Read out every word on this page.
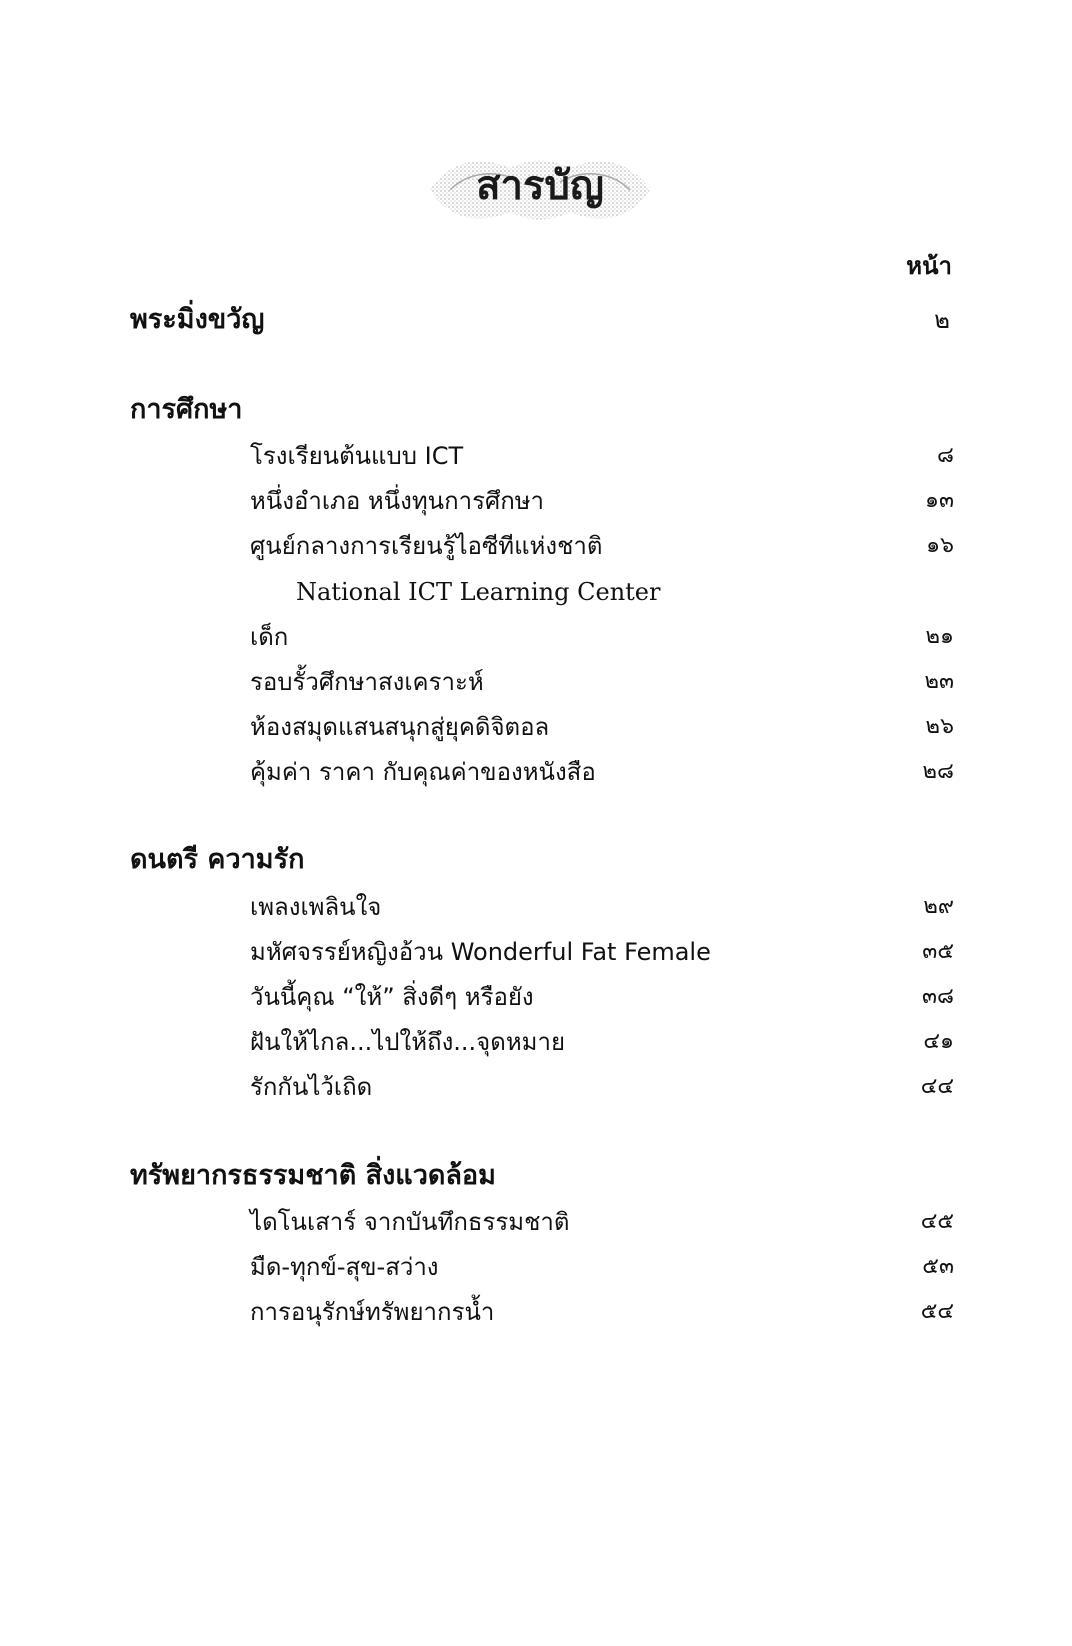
สารบัญ
หน้า
พระมิ่งขวัญ	๒
การศึกษา
โรงเรียนต้นแบบ ICT	๘
หนึ่งอำเภอ หนึ่งทุนการศึกษา	๑๓
ศูนย์กลางการเรียนรู้ไอซีทีแห่งชาติ	๑๖
National ICT Learning Center
เด็ก	๒๑
รอบรั้วศึกษาสงเคราะห์	๒๓
ห้องสมุดแสนสนุกสู่ยุคดิจิตอล	๒๖
คุ้มค่า ราคา กับคุณค่าของหนังสือ	๒๘
ดนตรี ความรัก
เพลงเพลินใจ	๒๙
มหัศจรรย์หญิงอ้วน Wonderful Fat Female	๓๕
วันนี้คุณ “ให้” สิ่งดีๆ หรือยัง	๓๘
ฝันให้ไกล...ไปให้ถึง...จุดหมาย	๔๑
รักกันไว้เถิด	๔๔
ทรัพยากรธรรมชาติ สิ่งแวดล้อม
ไดโนเสาร์ จากบันทึกธรรมชาติ	๔๕
มืด-ทุกข์-สุข-สว่าง	๕๓
การอนุรักษ์ทรัพยากรน้ำ	๕๔
